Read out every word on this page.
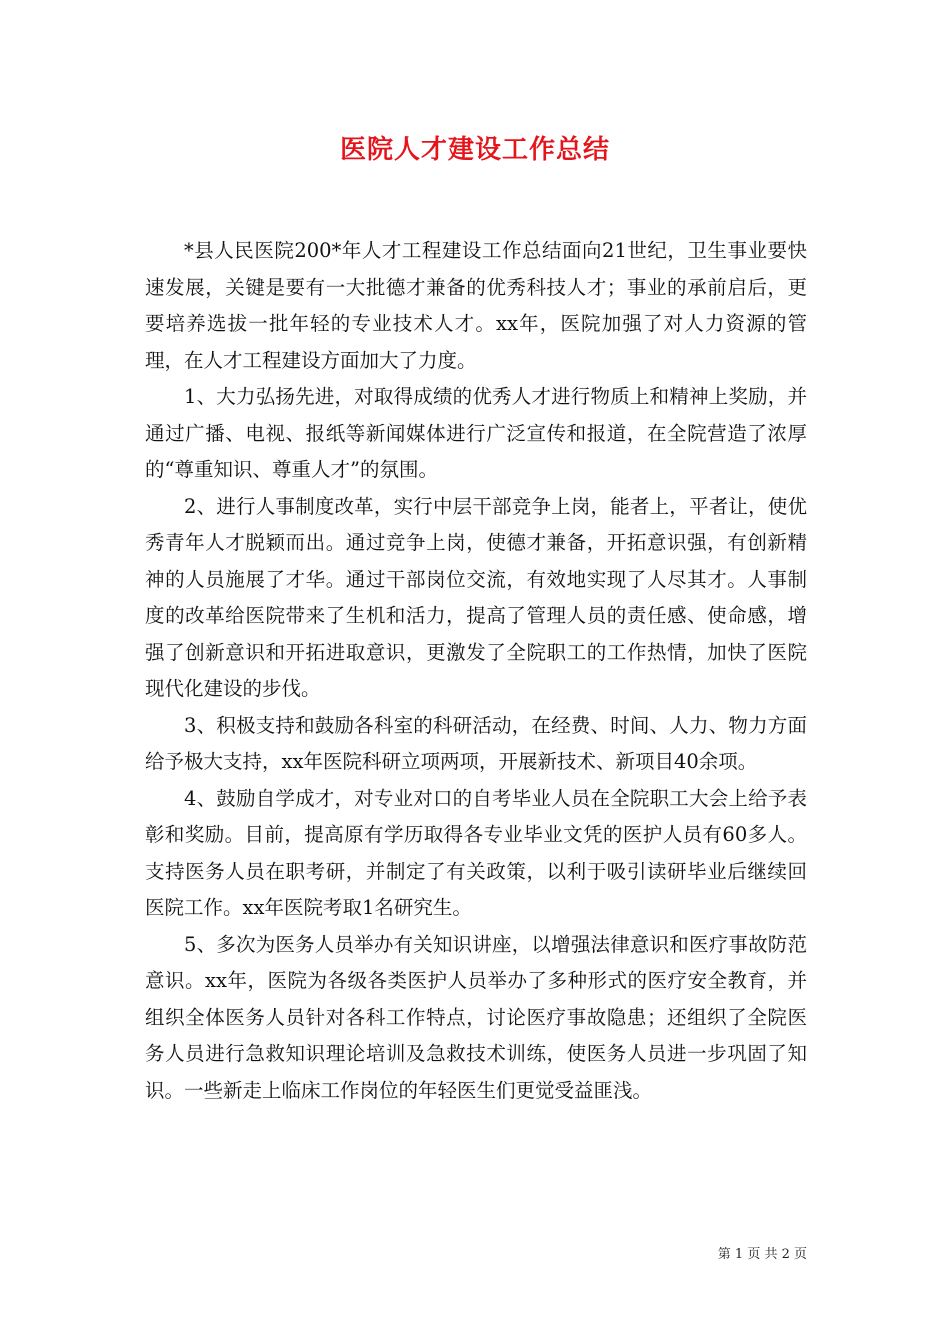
医院人才建设工作总结

*县人民医院200*年人才工程建设工作总结面向21世纪，卫生事业要快速发展，关键是要有一大批德才兼备的优秀科技人才；事业的承前启后，更要培养选拔一批年轻的专业技术人才。xx年，医院加强了对人力资源的管理，在人才工程建设方面加大了力度。

1、大力弘扬先进，对取得成绩的优秀人才进行物质上和精神上奖励，并通过广播、电视、报纸等新闻媒体进行广泛宣传和报道，在全院营造了浓厚的“尊重知识、尊重人才”的氛围。

2、进行人事制度改革，实行中层干部竞争上岗，能者上，平者让，使优秀青年人才脱颖而出。通过竞争上岗，使德才兼备，开拓意识强，有创新精神的人员施展了才华。通过干部岗位交流，有效地实现了人尽其才。人事制度的改革给医院带来了生机和活力，提高了管理人员的责任感、使命感，增强了创新意识和开拓进取意识，更激发了全院职工的工作热情，加快了医院现代化建设的步伐。

3、积极支持和鼓励各科室的科研活动，在经费、时间、人力、物力方面给予极大支持，xx年医院科研立项两项，开展新技术、新项目40余项。

4、鼓励自学成才，对专业对口的自考毕业人员在全院职工大会上给予表彰和奖励。目前，提高原有学历取得各专业毕业文凭的医护人员有60多人。支持医务人员在职考研，并制定了有关政策，以利于吸引读研毕业后继续回医院工作。xx年医院考取1名研究生。

5、多次为医务人员举办有关知识讲座，以增强法律意识和医疗事故防范意识。xx年，医院为各级各类医护人员举办了多种形式的医疗安全教育，并组织全体医务人员针对各科工作特点，讨论医疗事故隐患；还组织了全院医务人员进行急救知识理论培训及急救技术训练，使医务人员进一步巩固了知识。一些新走上临床工作岗位的年轻医生们更觉受益匪浅。

第 1 页 共 2 页
